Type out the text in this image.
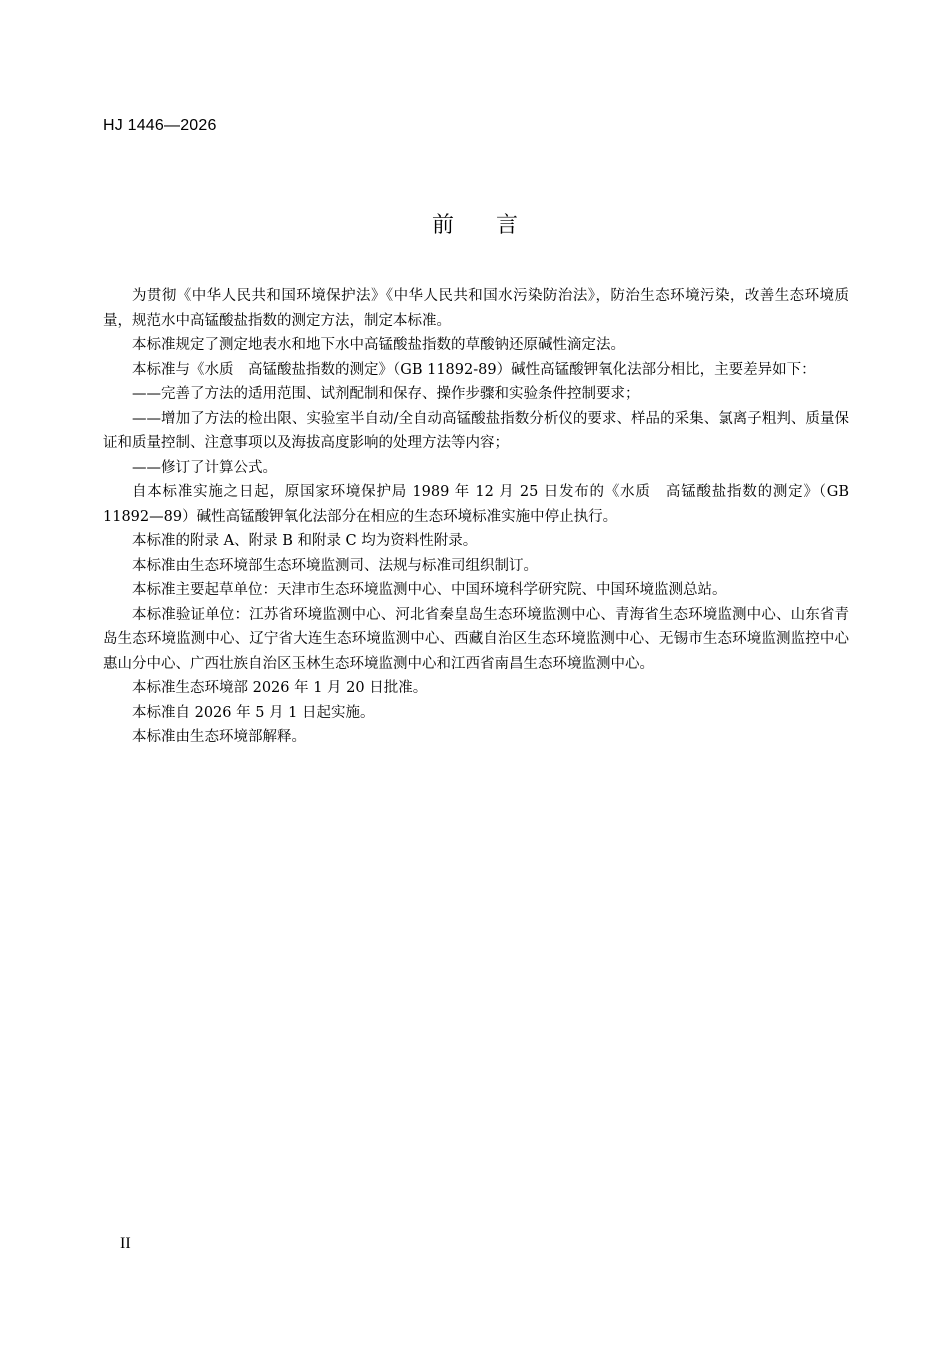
HJ 1446—2026
前 言

为贯彻《中华人民共和国环境保护法》《中华人民共和国水污染防治法》，防治生态环境污染，改善生态环境质量，规范水中高锰酸盐指数的测定方法，制定本标准。

本标准规定了测定地表水和地下水中高锰酸盐指数的草酸钠还原碱性滴定法。

本标准与《水质　高锰酸盐指数的测定》（GB 11892-89）碱性高锰酸钾氧化法部分相比，主要差异如下：

——完善了方法的适用范围、试剂配制和保存、操作步骤和实验条件控制要求；

——增加了方法的检出限、实验室半自动/全自动高锰酸盐指数分析仪的要求、样品的采集、氯离子粗判、质量保证和质量控制、注意事项以及海拔高度影响的处理方法等内容；

——修订了计算公式。

自本标准实施之日起，原国家环境保护局 1989 年 12 月 25 日发布的《水质　高锰酸盐指数的测定》（GB 11892—89）碱性高锰酸钾氧化法部分在相应的生态环境标准实施中停止执行。

本标准的附录 A、附录 B 和附录 C 均为资料性附录。

本标准由生态环境部生态环境监测司、法规与标准司组织制订。

本标准主要起草单位：天津市生态环境监测中心、中国环境科学研究院、中国环境监测总站。

本标准验证单位：江苏省环境监测中心、河北省秦皇岛生态环境监测中心、青海省生态环境监测中心、山东省青岛生态环境监测中心、辽宁省大连生态环境监测中心、西藏自治区生态环境监测中心、无锡市生态环境监测监控中心惠山分中心、广西壮族自治区玉林生态环境监测中心和江西省南昌生态环境监测中心。

本标准生态环境部 2026 年 1 月 20 日批准。

本标准自 2026 年 5 月 1 日起实施。

本标准由生态环境部解释。

II
